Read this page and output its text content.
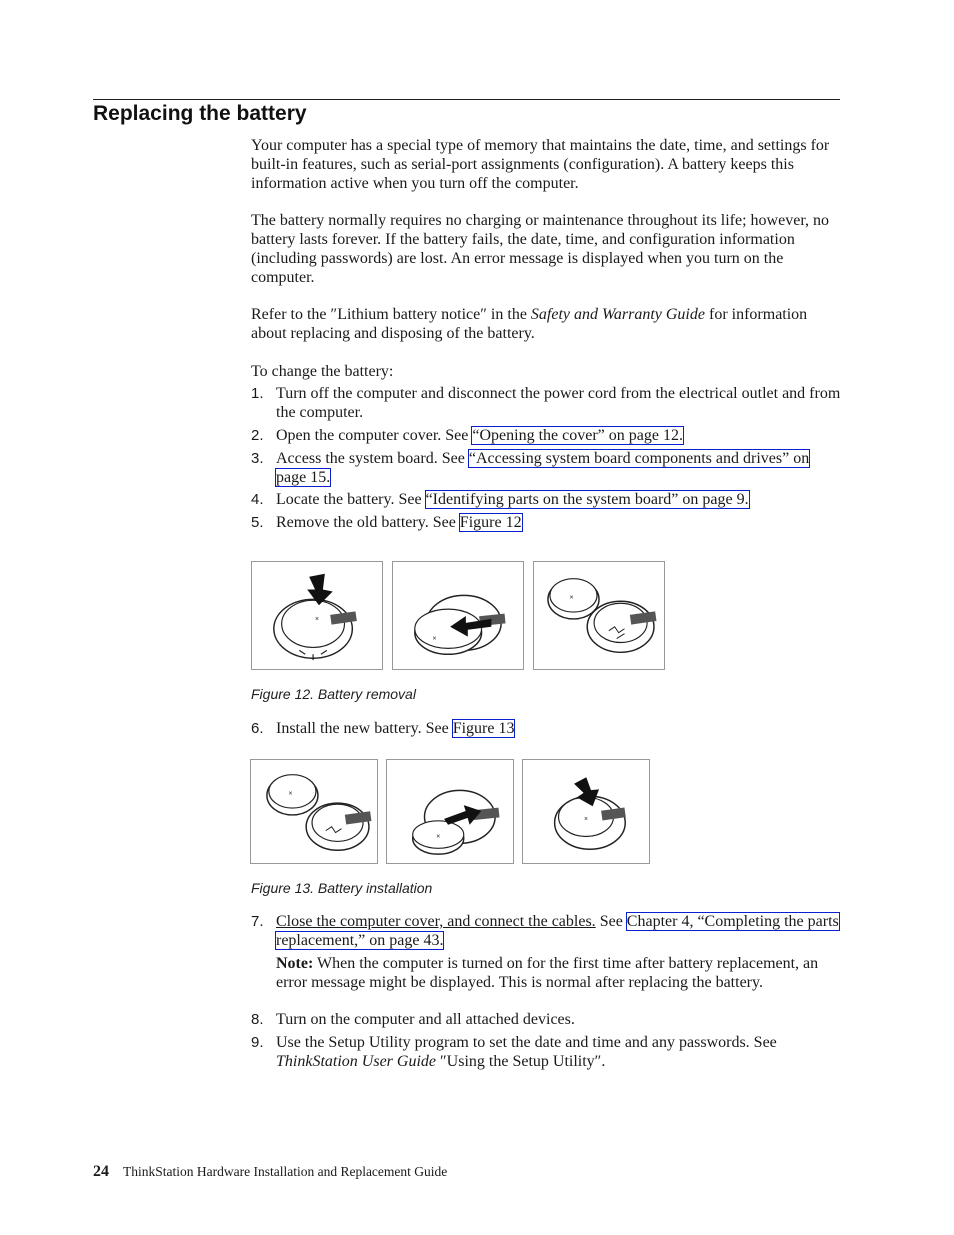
Replacing the battery

Your computer has a special type of memory that maintains the date, time, and settings for built-in features, such as serial-port assignments (configuration). A battery keeps this information active when you turn off the computer.

The battery normally requires no charging or maintenance throughout its life; however, no battery lasts forever. If the battery fails, the date, time, and configuration information (including passwords) are lost. An error message is displayed when you turn on the computer.

Refer to the ″Lithium battery notice″ in the Safety and Warranty Guide for information about replacing and disposing of the battery.

To change the battery:

1. Turn off the computer and disconnect the power cord from the electrical outlet and from the computer.
2. Open the computer cover. See “Opening the cover” on page 12.
3. Access the system board. See “Accessing system board components and drives” on page 15.
4. Locate the battery. See “Identifying parts on the system board” on page 9.
5. Remove the old battery. See Figure 12
×
×
×
Figure 12. Battery removal
6. Install the new battery. See Figure 13
×
×
×
Figure 13. Battery installation
7. Close the computer cover, and connect the cables. See Chapter 4, “Completing the parts replacement,” on page 43.

Note: When the computer is turned on for the first time after battery replacement, an error message might be displayed. This is normal after replacing the battery.

8. Turn on the computer and all attached devices.
9. Use the Setup Utility program to set the date and time and any passwords. See ThinkStation User Guide ″Using the Setup Utility″.
24 ThinkStation Hardware Installation and Replacement Guide
